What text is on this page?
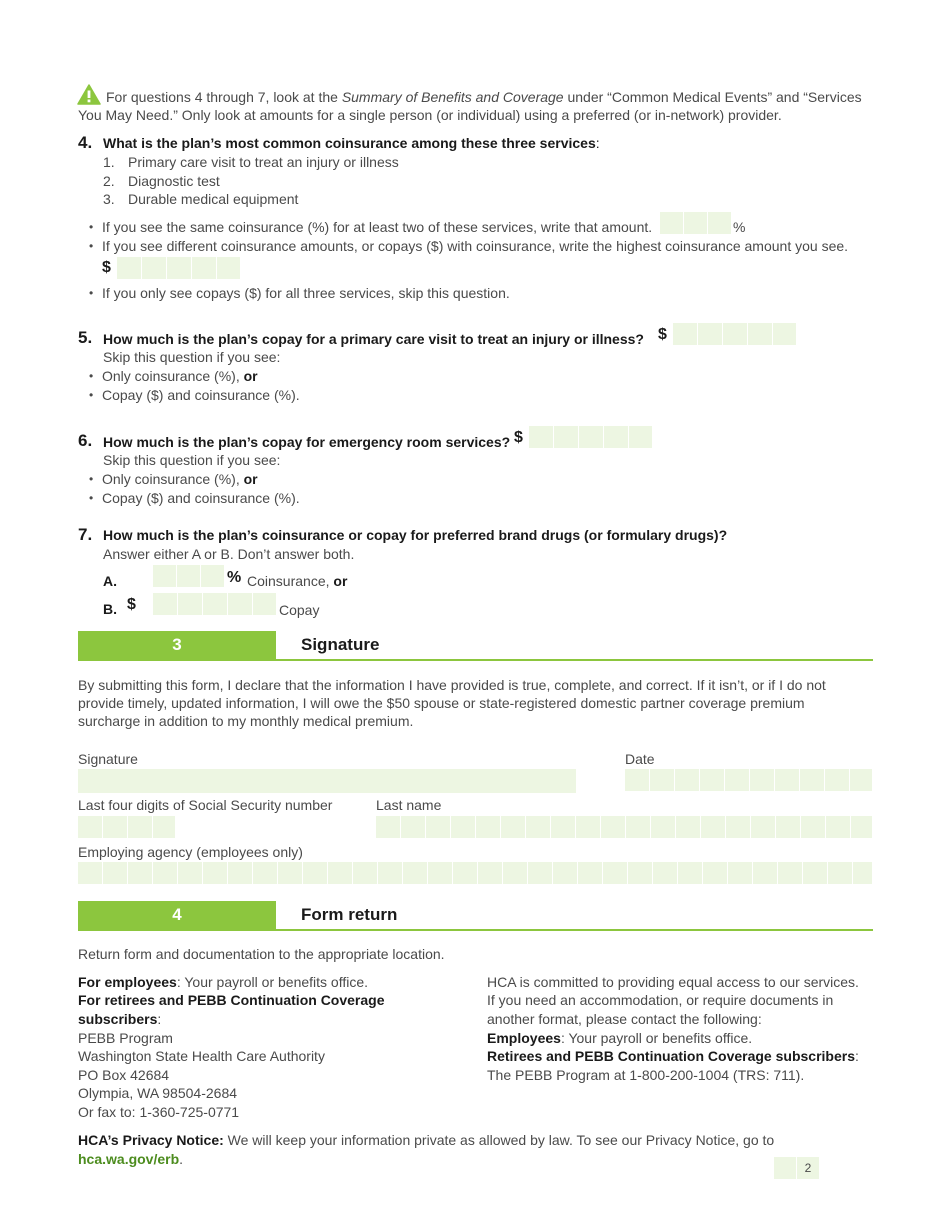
For questions 4 through 7, look at the Summary of Benefits and Coverage under “Common Medical Events” and “Services
You May Need.” Only look at amounts for a single person (or individual) using a preferred (or in-network) provider.
4. What is the plan’s most common coinsurance among these three services:
1. Primary care visit to treat an injury or illness
2. Diagnostic test
3. Durable medical equipment
• If you see the same coinsurance (%) for at least two of these services, write that amount.	%
• If you see different coinsurance amounts, or copays ($) with coinsurance, write the highest coinsurance amount you see.
$
• If you only see copays ($) for all three services, skip this question.
5. How much is the plan’s copay for a primary care visit to treat an injury or illness? $
Skip this question if you see:
• Only coinsurance (%), or
• Copay ($) and coinsurance (%).
6. How much is the plan’s copay for emergency room services? $
Skip this question if you see:
• Only coinsurance (%), or
• Copay ($) and coinsurance (%).
7. How much is the plan’s coinsurance or copay for preferred brand drugs (or formulary drugs)?
Answer either A or B. Don’t answer both.
A.	% Coinsurance, or
B. $	Copay
3	Signature
By submitting this form, I declare that the information I have provided is true, complete, and correct. If it isn’t, or if I do not
provide timely, updated information, I will owe the $50 spouse or state-registered domestic partner coverage premium
surcharge in addition to my monthly medical premium.
Signature	Date
Last four digits of Social Security number	Last name
Employing agency (employees only)
4	Form return
Return form and documentation to the appropriate location.
For employees: Your payroll or benefits office.
For retirees and PEBB Continuation Coverage
subscribers:
PEBB Program
Washington State Health Care Authority
PO Box 42684
Olympia, WA 98504-2684
Or fax to: 1-360-725-0771
HCA is committed to providing equal access to our services.
If you need an accommodation, or require documents in
another format, please contact the following:
Employees: Your payroll or benefits office.
Retirees and PEBB Continuation Coverage subscribers:
The PEBB Program at 1-800-200-1004 (TRS: 711).
HCA’s Privacy Notice: We will keep your information private as allowed by law. To see our Privacy Notice, go to
hca.wa.gov/erb.
2
